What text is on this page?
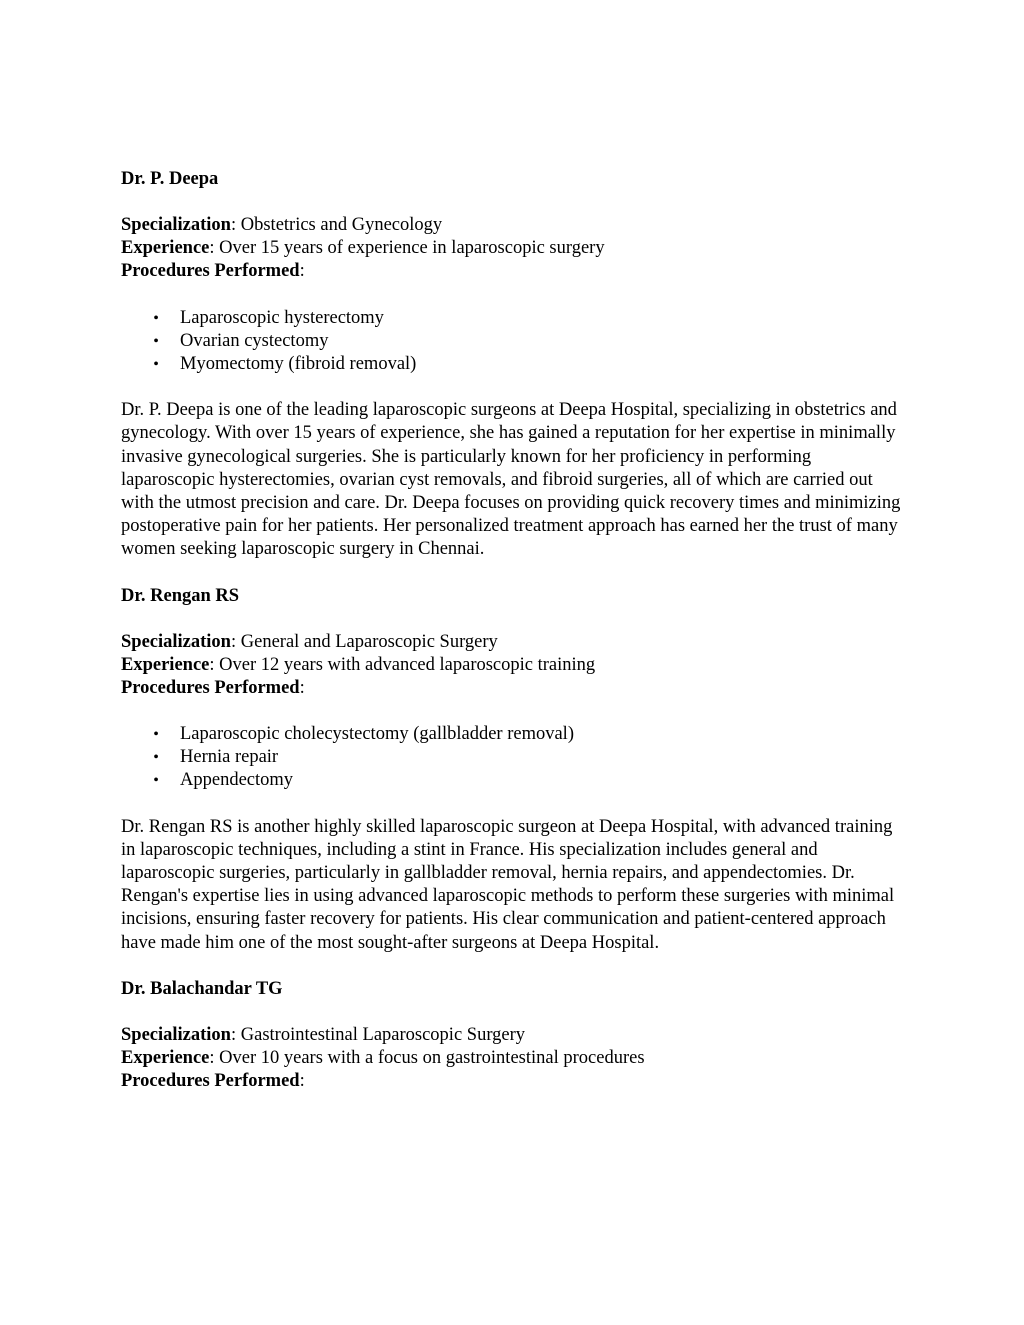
Dr. P. Deepa
Specialization: Obstetrics and Gynecology
Experience: Over 15 years of experience in laparoscopic surgery
Procedures Performed:
•	Laparoscopic hysterectomy
•	Ovarian cystectomy
•	Myomectomy (fibroid removal)

Dr. P. Deepa is one of the leading laparoscopic surgeons at Deepa Hospital, specializing in obstetrics and gynecology. With over 15 years of experience, she has gained a reputation for her expertise in minimally invasive gynecological surgeries. She is particularly known for her proficiency in performing laparoscopic hysterectomies, ovarian cyst removals, and fibroid surgeries, all of which are carried out with the utmost precision and care. Dr. Deepa focuses on providing quick recovery times and minimizing postoperative pain for her patients. Her personalized treatment approach has earned her the trust of many women seeking laparoscopic surgery in Chennai.

Dr. Rengan RS
Specialization: General and Laparoscopic Surgery
Experience: Over 12 years with advanced laparoscopic training
Procedures Performed:
•	Laparoscopic cholecystectomy (gallbladder removal)
•	Hernia repair
•	Appendectomy

Dr. Rengan RS is another highly skilled laparoscopic surgeon at Deepa Hospital, with advanced training in laparoscopic techniques, including a stint in France. His specialization includes general and laparoscopic surgeries, particularly in gallbladder removal, hernia repairs, and appendectomies. Dr. Rengan's expertise lies in using advanced laparoscopic methods to perform these surgeries with minimal incisions, ensuring faster recovery for patients. His clear communication and patient-centered approach have made him one of the most sought-after surgeons at Deepa Hospital.

Dr. Balachandar TG
Specialization: Gastrointestinal Laparoscopic Surgery
Experience: Over 10 years with a focus on gastrointestinal procedures
Procedures Performed:
